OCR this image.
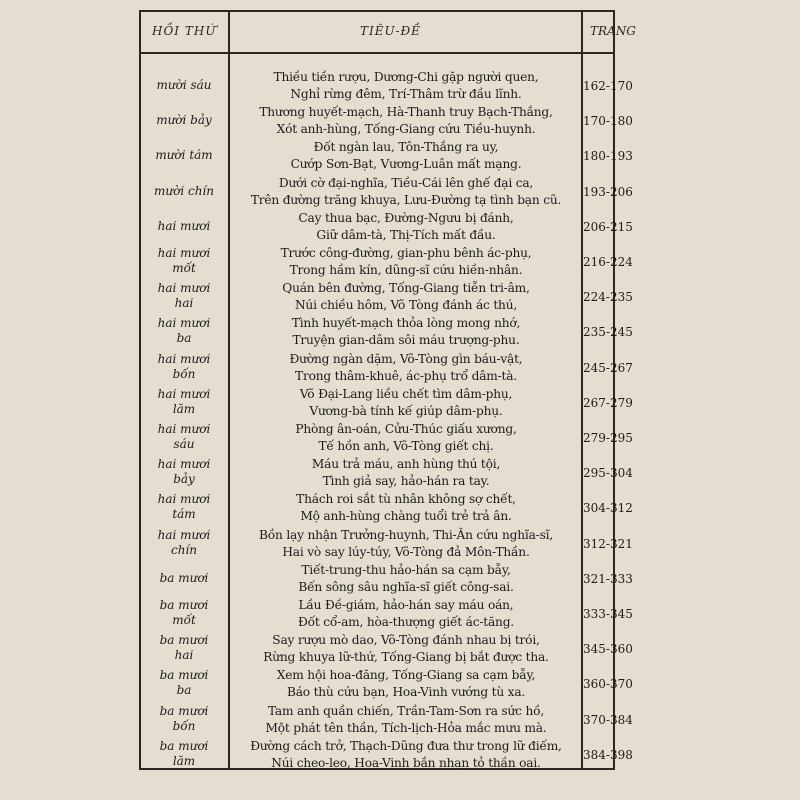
HỒI THỨ	TIÊU-ĐỀ	TRANG
mười sáu
Thiều tiền rượu, Dương-Chi gặp người quen,
Nghỉ rừng đêm, Trí-Thâm trừ đầu lĩnh.
162-170
mười bảy
Thương huyết-mạch, Hà-Thanh truy Bạch-Thắng,
Xót anh-hùng, Tống-Giang cứu Tiều-huynh.
170-180
mười tám
Đốt ngàn lau, Tôn-Thắng ra uy,
Cướp Sơn-Bạt, Vương-Luân mất mạng.
180-193
mười chín
Dưới cờ đại-nghĩa, Tiều-Cái lên ghế đại ca,
Trên đường trăng khuya, Lưu-Đường tạ tình bạn cũ.
193-206
hai mươi
Cay thua bạc, Đường-Ngưu bị đánh,
Giữ dâm-tà, Thị-Tích mất đầu.
206-215
hai mươi
mốt
Trước công-đường, gian-phu bênh ác-phụ,
Trong hầm kín, dũng-sĩ cứu hiền-nhân.
216-224
hai mươi
hai
Quán bên đường, Tống-Giang tiễn tri-âm,
Núi chiều hôm, Võ Tòng đánh ác thú,
224-235
hai mươi
ba
Tình huyết-mạch thỏa lòng mong nhớ,
Truyện gian-dâm sôi máu trượng-phu.
235-245
hai mươi
bốn
Đường ngàn dặm, Võ-Tòng gìn báu-vật,
Trong thâm-khuê, ác-phụ trổ dâm-tà.
245-267
hai mươi
lăm
Võ Đại-Lang liều chết tìm dâm-phụ,
Vương-bà tính kế giúp dâm-phụ.
267-279
hai mươi
sáu
Phòng ân-oán, Cửu-Thúc giấu xương,
Tế hồn anh, Võ-Tòng giết chị.
279-295
hai mươi
bảy
Máu trả máu, anh hùng thú tội,
Tình giả say, hảo-hán ra tay.
295-304
hai mươi
tám
Thách roi sắt tù nhân không sợ chết,
Mộ anh-hùng chàng tuổi trẻ trả ân.
304-312
hai mươi
chín
Bồn lạy nhận Trưởng-huynh, Thi-Ân cứu nghĩa-sĩ,
Hai vò say lúy-túy, Võ-Tòng đả Môn-Thần.
312-321
ba mươi
Tiết-trung-thu hảo-hán sa cạm bẫy,
Bến sông sâu nghĩa-sĩ giết công-sai.
321-333
ba mươi
mốt
Lầu Đề-giám, hảo-hán say máu oán,
Đốt cổ-am, hòa-thượng giết ác-tăng.
333-345
ba mươi
hai
Say rượu mò dao, Võ-Tòng đánh nhau bị trói,
Rừng khuya lữ-thứ, Tống-Giang bị bắt được tha.
345-360
ba mươi
ba
Xem hội hoa-đăng, Tống-Giang sa cạm bẫy,
Báo thù cứu bạn, Hoa-Vinh vướng tù xa.
360-370
ba mươi
bốn
Tam anh quần chiến, Trần-Tam-Sơn ra sức hồ,
Một phát tên thần, Tích-lịch-Hỏa mắc mưu mà.
370-384
ba mươi
lăm
Đường cách trở, Thạch-Dũng đưa thư trong lữ điếm,
Núi cheo-leo, Hoa-Vinh bắn nhạn tỏ thần oai.
384-398
